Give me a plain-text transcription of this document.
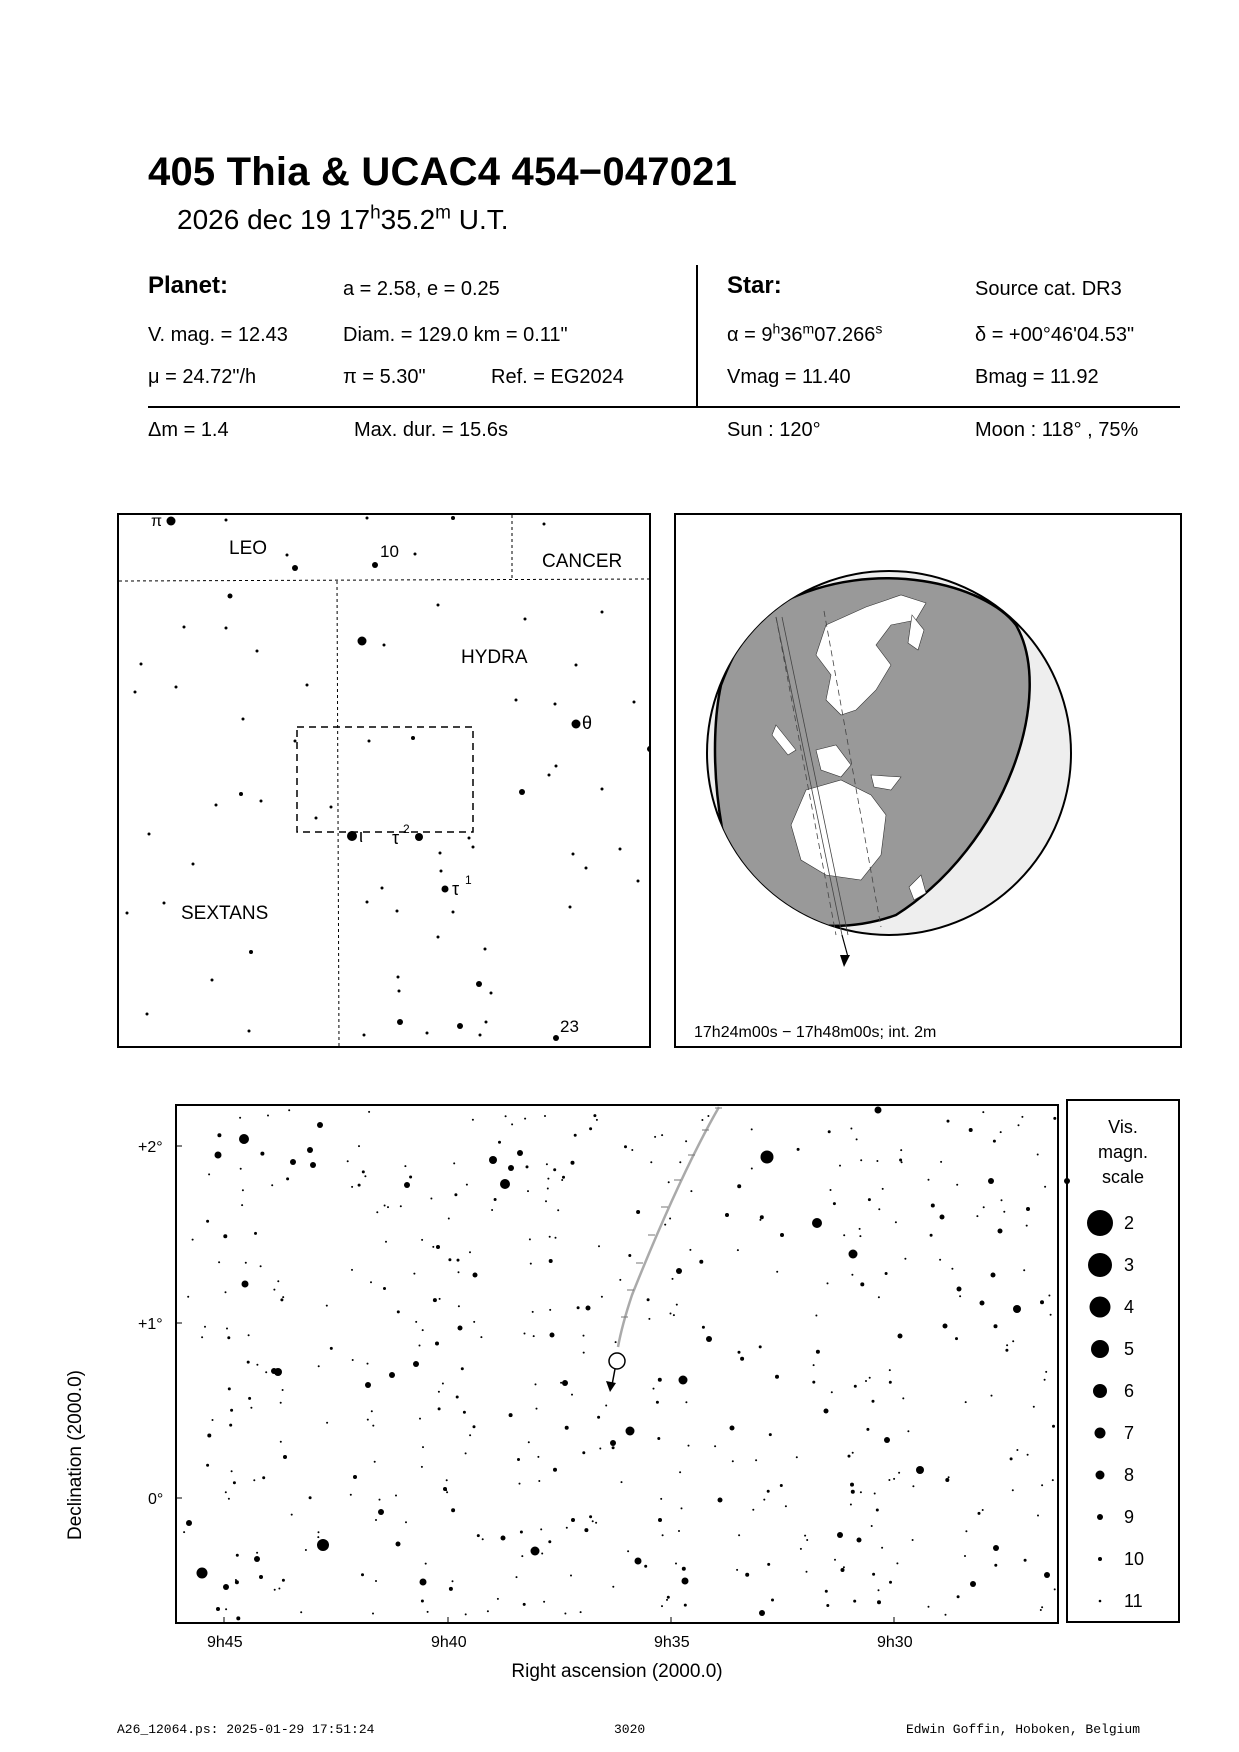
405 Thia & UCAC4 454−047021
2026 dec 19 17$^h$35.2$^m$ U.T.
Planet:	a = 2.58, e = 0.25
V. mag. = 12.43	Diam. = 129.0 km = 0.11"
μ = 24.72"/h	π = 5.30"	Ref. = EG2024
Star:	Source cat. DR3
$\alpha = 9^h36^m07.266^s$	δ = +00°46'04.53"
Vmag = 11.40	Bmag = 11.92
Δm = 1.4	Max. dur. = 15.6s	Sun : 120°	Moon : 118° , 75%
LEO
CANCER
HYDRA
SEXTANS
π
10
θ
ι τ 2
τ 1
23	17h24m00s − 17h48m00s; int. 2m
Declination (2000.0)
+2°
+1°
0°
9h45	9h40	9h35	9h30
Right ascension (2000.0)
Vis.
magn.
scale
2
3
4
5
6
7
8
9
10
11
A26_12064.ps: 2025-01-29 17:51:24	3020	Edwin Goffin, Hoboken, Belgium
